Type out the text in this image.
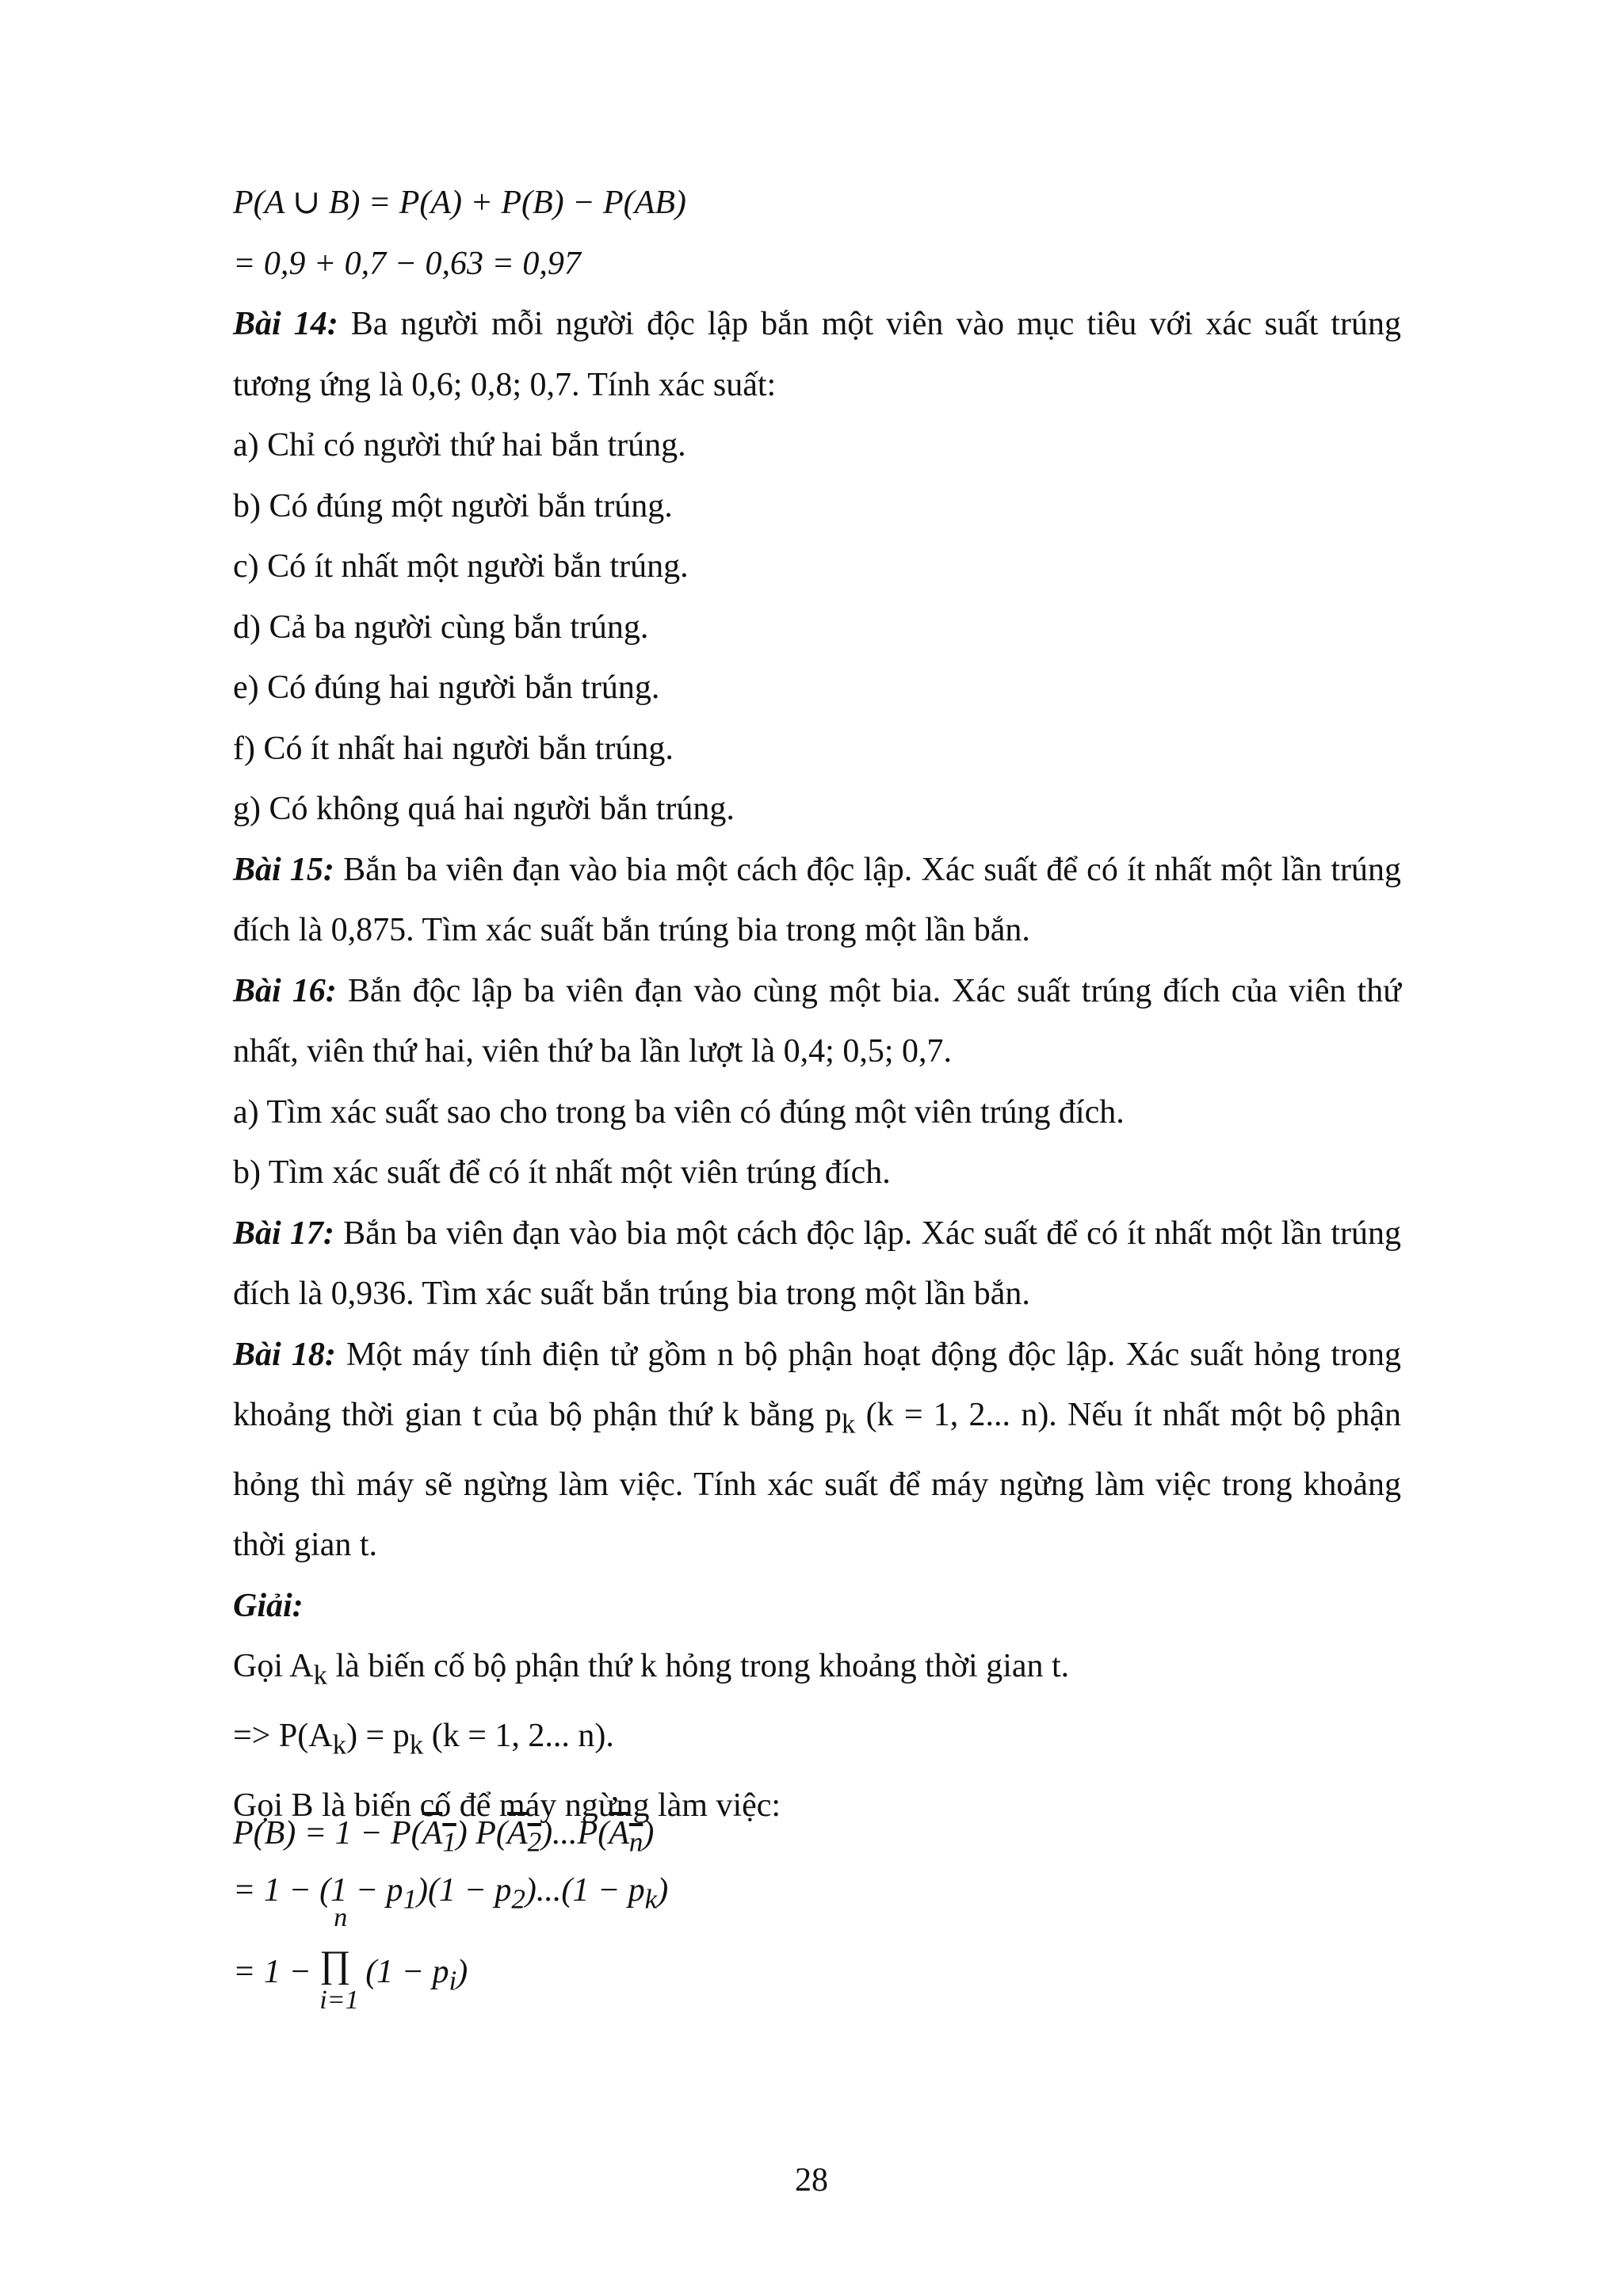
P(A ∪ B) = P(A) + P(B) − P(AB)

= 0,9 + 0,7 − 0,63 = 0,97

Bài 14: Ba người mỗi người độc lập bắn một viên vào mục tiêu với xác suất trúng tương ứng là 0,6; 0,8; 0,7. Tính xác suất:

a) Chỉ có người thứ hai bắn trúng.

b) Có đúng một người bắn trúng.

c) Có ít nhất một người bắn trúng.

d) Cả ba người cùng bắn trúng.

e) Có đúng hai người bắn trúng.

f) Có ít nhất hai người bắn trúng.

g) Có không quá hai người bắn trúng.

Bài 15: Bắn ba viên đạn vào bia một cách độc lập. Xác suất để có ít nhất một lần trúng đích là 0,875. Tìm xác suất bắn trúng bia trong một lần bắn.

Bài 16: Bắn độc lập ba viên đạn vào cùng một bia. Xác suất trúng đích của viên thứ nhất, viên thứ hai, viên thứ ba lần lượt là 0,4; 0,5; 0,7.

a) Tìm xác suất sao cho trong ba viên có đúng một viên trúng đích.

b) Tìm xác suất để có ít nhất một viên trúng đích.

Bài 17: Bắn ba viên đạn vào bia một cách độc lập. Xác suất để có ít nhất một lần trúng đích là 0,936. Tìm xác suất bắn trúng bia trong một lần bắn.

Bài 18: Một máy tính điện tử gồm n bộ phận hoạt động độc lập. Xác suất hỏng trong khoảng thời gian t của bộ phận thứ k bằng $p_k$ (k = 1, 2... n). Nếu ít nhất một bộ phận hỏng thì máy sẽ ngừng làm việc. Tính xác suất để máy ngừng làm việc trong khoảng thời gian t.

Giải:

Gọi $A_k$ là biến cố bộ phận thứ k hỏng trong khoảng thời gian t.

=> $P(A_k) = p_k$ (k = 1, 2... n).

Gọi B là biến cố để máy ngừng làm việc:

$P(B) = 1 - P(A_1)$ $P(A_2)...P(A_n)$
= $1 - (1 - p_1)(1 - p_2)...(1 - p_k)$
= 1 − ∏
n
i=1
$(1 - p_i)$
28
